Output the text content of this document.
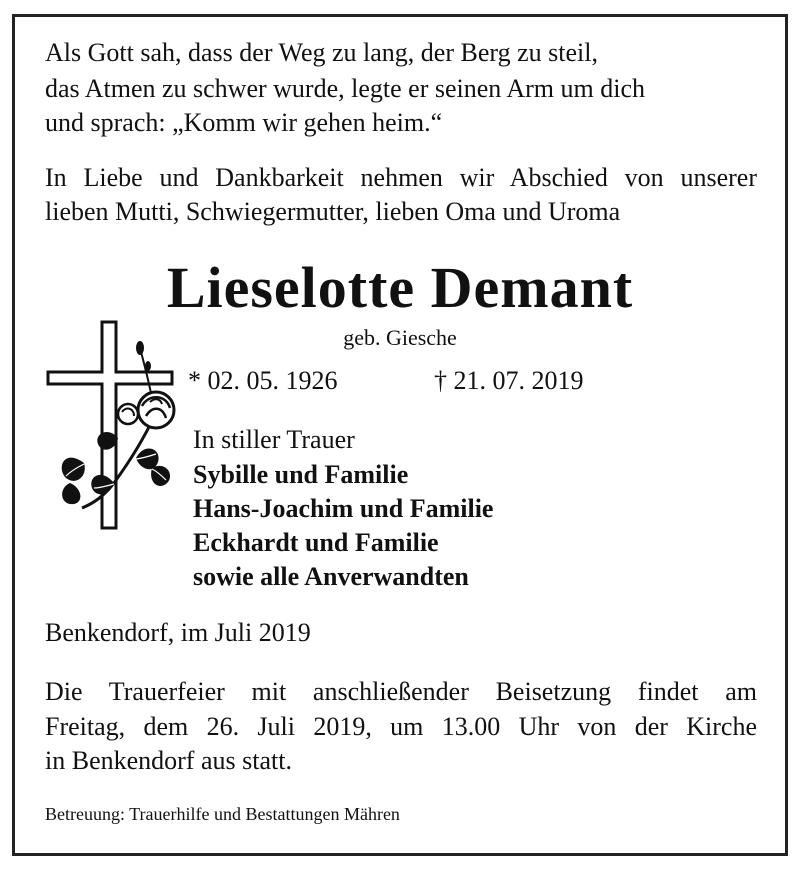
Als Gott sah, dass der Weg zu lang, der Berg zu steil,
das Atmen zu schwer wurde, legte er seinen Arm um dich
und sprach: „Komm wir gehen heim.“
In Liebe und Dankbarkeit nehmen wir Abschied von unserer
lieben Mutti, Schwiegermutter, lieben Oma und Uroma
Lieselotte Demant
geb. Giesche
* 02. 05. 1926	† 21. 07. 2019
In stiller Trauer
Sybille und Familie
Hans-Joachim und Familie
Eckhardt und Familie
sowie alle Anverwandten
Benkendorf, im Juli 2019
Die Trauerfeier mit anschließender Beisetzung findet am
Freitag, dem 26. Juli 2019, um 13.00 Uhr von der Kirche
in Benkendorf aus statt.
Betreuung: Trauerhilfe und Bestattungen Mähren
